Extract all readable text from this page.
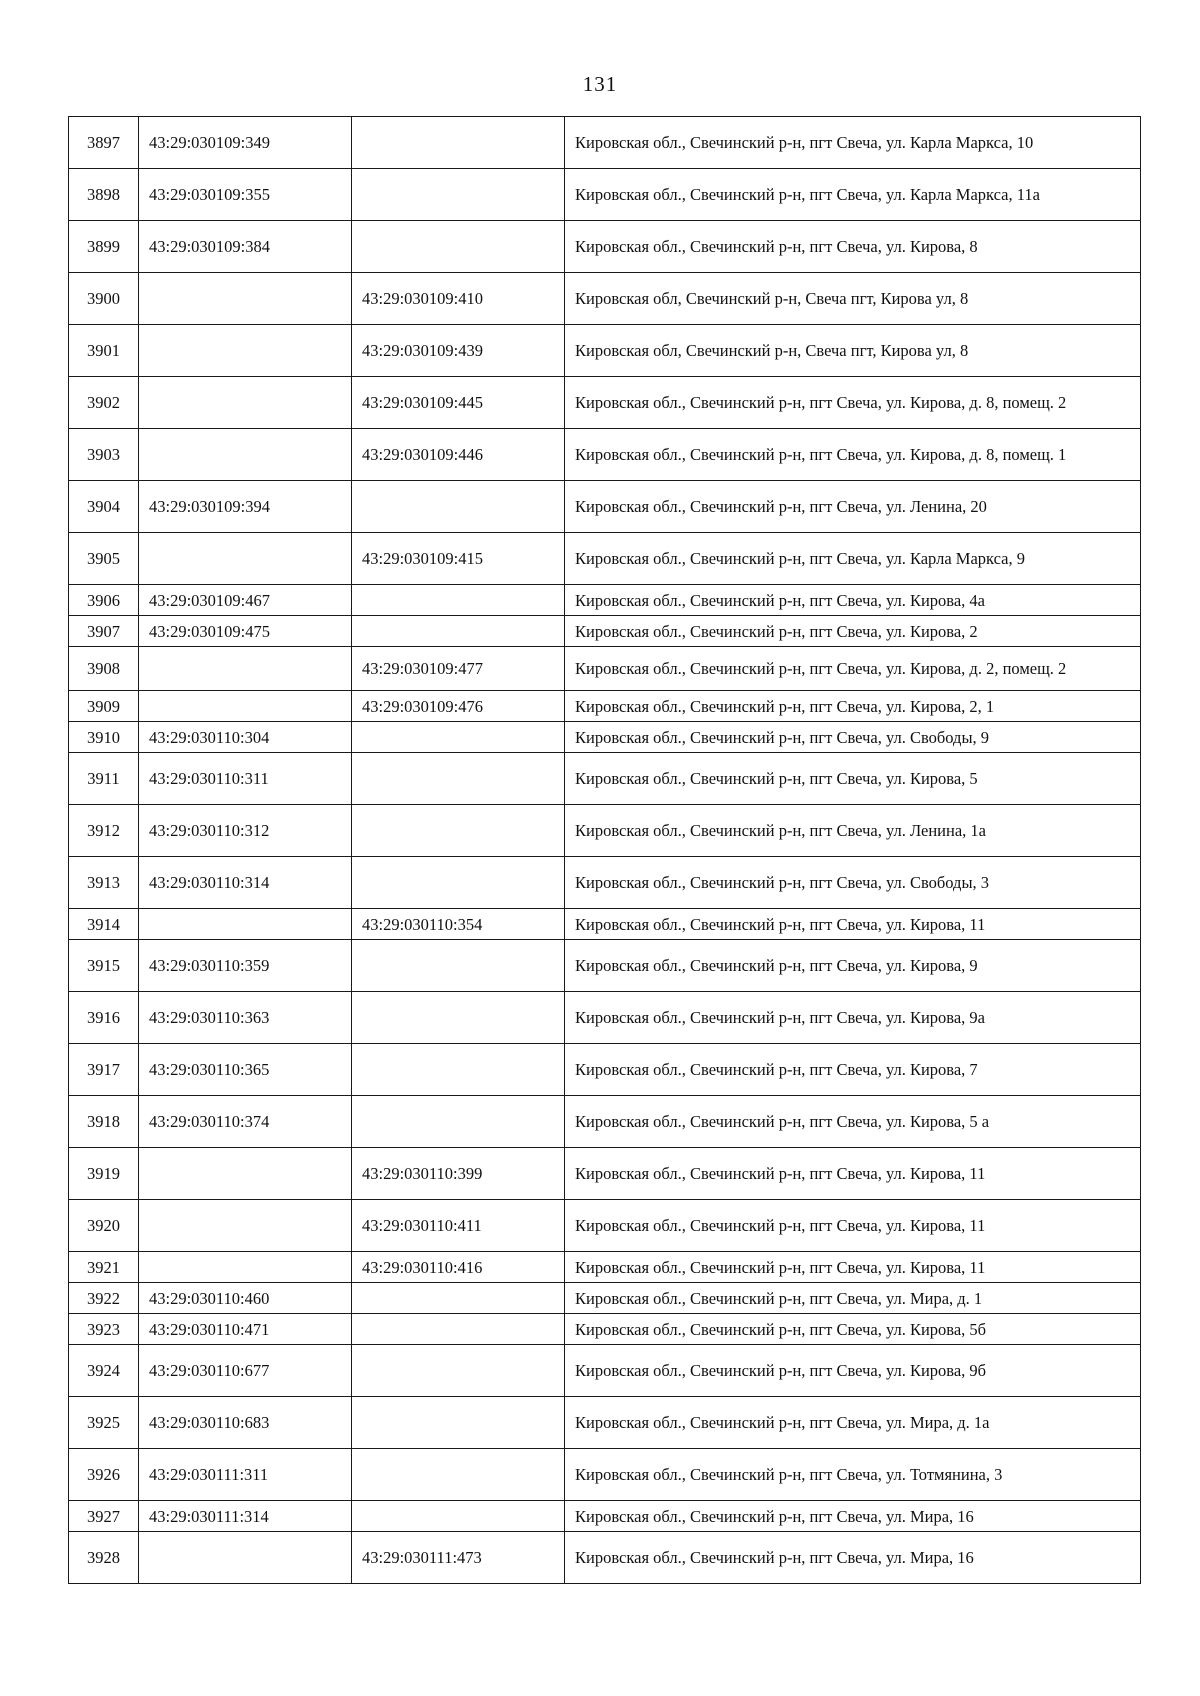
131
3897	43:29:030109:349		Кировская обл., Свечинский р-н, пгт Свеча, ул. Карла Маркса, 10
3898	43:29:030109:355		Кировская обл., Свечинский р-н, пгт Свеча, ул. Карла Маркса, 11а
3899	43:29:030109:384		Кировская обл., Свечинский р-н, пгт Свеча, ул. Кирова, 8
3900		43:29:030109:410	Кировская обл, Свечинский р-н, Свеча пгт, Кирова ул, 8
3901		43:29:030109:439	Кировская обл, Свечинский р-н, Свеча пгт, Кирова ул, 8
3902		43:29:030109:445	Кировская обл., Свечинский р-н, пгт Свеча, ул. Кирова, д. 8, помещ. 2
3903		43:29:030109:446	Кировская обл., Свечинский р-н, пгт Свеча, ул. Кирова, д. 8, помещ. 1
3904	43:29:030109:394		Кировская обл., Свечинский р-н, пгт Свеча, ул. Ленина, 20
3905		43:29:030109:415	Кировская обл., Свечинский р-н, пгт Свеча, ул. Карла Маркса, 9
3906	43:29:030109:467		Кировская обл., Свечинский р-н, пгт Свеча, ул. Кирова, 4а
3907	43:29:030109:475		Кировская обл., Свечинский р-н, пгт Свеча, ул. Кирова, 2
3908		43:29:030109:477	Кировская обл., Свечинский р-н, пгт Свеча, ул. Кирова, д. 2, помещ. 2
3909		43:29:030109:476	Кировская обл., Свечинский р-н, пгт Свеча, ул. Кирова, 2, 1
3910	43:29:030110:304		Кировская обл., Свечинский р-н, пгт Свеча, ул. Свободы, 9
3911	43:29:030110:311		Кировская обл., Свечинский р-н, пгт Свеча, ул. Кирова, 5
3912	43:29:030110:312		Кировская обл., Свечинский р-н, пгт Свеча, ул. Ленина, 1а
3913	43:29:030110:314		Кировская обл., Свечинский р-н, пгт Свеча, ул. Свободы, 3
3914		43:29:030110:354	Кировская обл., Свечинский р-н, пгт Свеча, ул. Кирова, 11
3915	43:29:030110:359		Кировская обл., Свечинский р-н, пгт Свеча, ул. Кирова, 9
3916	43:29:030110:363		Кировская обл., Свечинский р-н, пгт Свеча, ул. Кирова, 9а
3917	43:29:030110:365		Кировская обл., Свечинский р-н, пгт Свеча, ул. Кирова, 7
3918	43:29:030110:374		Кировская обл., Свечинский р-н, пгт Свеча, ул. Кирова, 5 а
3919		43:29:030110:399	Кировская обл., Свечинский р-н, пгт Свеча, ул. Кирова, 11
3920		43:29:030110:411	Кировская обл., Свечинский р-н, пгт Свеча, ул. Кирова, 11
3921		43:29:030110:416	Кировская обл., Свечинский р-н, пгт Свеча, ул. Кирова, 11
3922	43:29:030110:460		Кировская обл., Свечинский р-н, пгт Свеча, ул. Мира, д. 1
3923	43:29:030110:471		Кировская обл., Свечинский р-н, пгт Свеча, ул. Кирова, 5б
3924	43:29:030110:677		Кировская обл., Свечинский р-н, пгт Свеча, ул. Кирова, 9б
3925	43:29:030110:683		Кировская обл., Свечинский р-н, пгт Свеча, ул. Мира, д. 1а
3926	43:29:030111:311		Кировская обл., Свечинский р-н, пгт Свеча, ул. Тотмянина, 3
3927	43:29:030111:314		Кировская обл., Свечинский р-н, пгт Свеча, ул. Мира, 16
3928		43:29:030111:473	Кировская обл., Свечинский р-н, пгт Свеча, ул. Мира, 16
